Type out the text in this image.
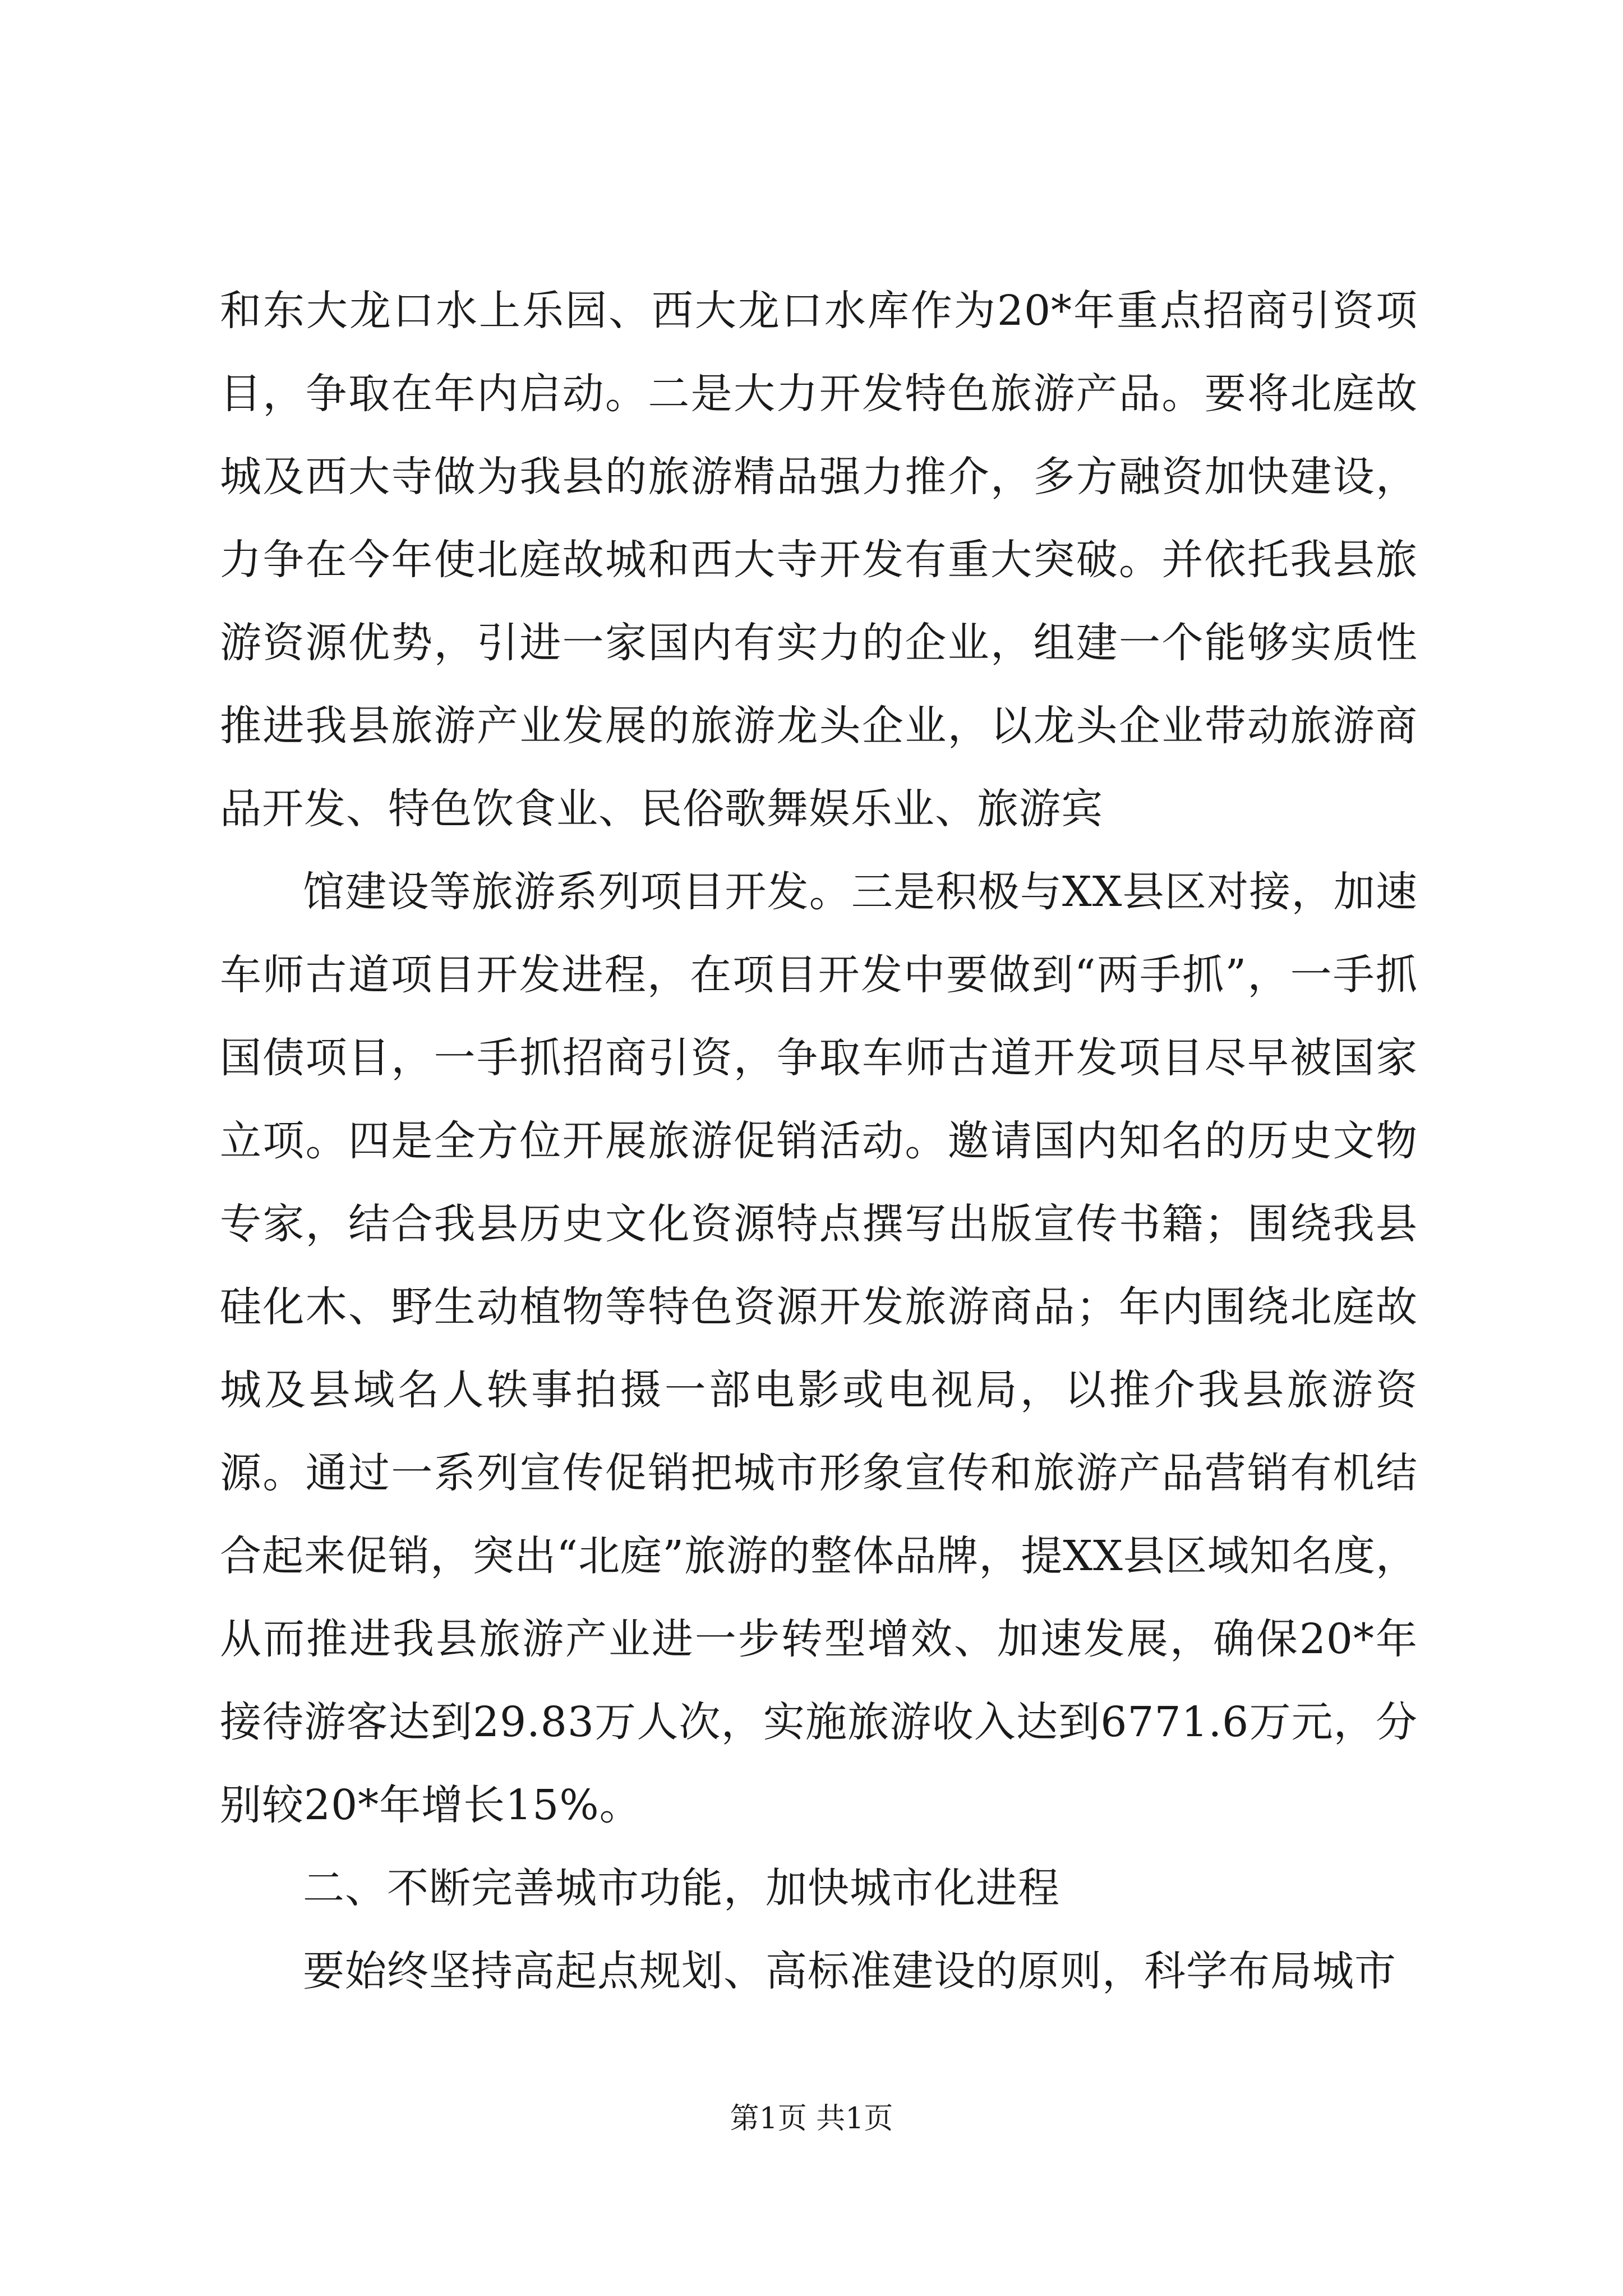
和东大龙口水上乐园、西大龙口水库作为20*年重点招商引资项目，争取在年内启动。二是大力开发特色旅游产品。要将北庭故城及西大寺做为我县的旅游精品强力推介，多方融资加快建设，力争在今年使北庭故城和西大寺开发有重大突破。并依托我县旅游资源优势，引进一家国内有实力的企业，组建一个能够实质性推进我县旅游产业发展的旅游龙头企业，以龙头企业带动旅游商品开发、特色饮食业、民俗歌舞娱乐业、旅游宾

馆建设等旅游系列项目开发。三是积极与XX县区对接，加速车师古道项目开发进程，在项目开发中要做到“两手抓”，一手抓国债项目，一手抓招商引资，争取车师古道开发项目尽早被国家立项。四是全方位开展旅游促销活动。邀请国内知名的历史文物专家，结合我县历史文化资源特点撰写出版宣传书籍；围绕我县硅化木、野生动植物等特色资源开发旅游商品；年内围绕北庭故城及县域名人轶事拍摄一部电影或电视局，以推介我县旅游资源。通过一系列宣传促销把城市形象宣传和旅游产品营销有机结合起来促销，突出“北庭”旅游的整体品牌，提XX县区域知名度，从而推进我县旅游产业进一步转型增效、加速发展，确保20*年接待游客达到29.83万人次，实施旅游收入达到6771.6万元，分别较20*年增长15%。

二、不断完善城市功能，加快城市化进程

要始终坚持高起点规划、高标准建设的原则，科学布局城市

第1页 共1页
